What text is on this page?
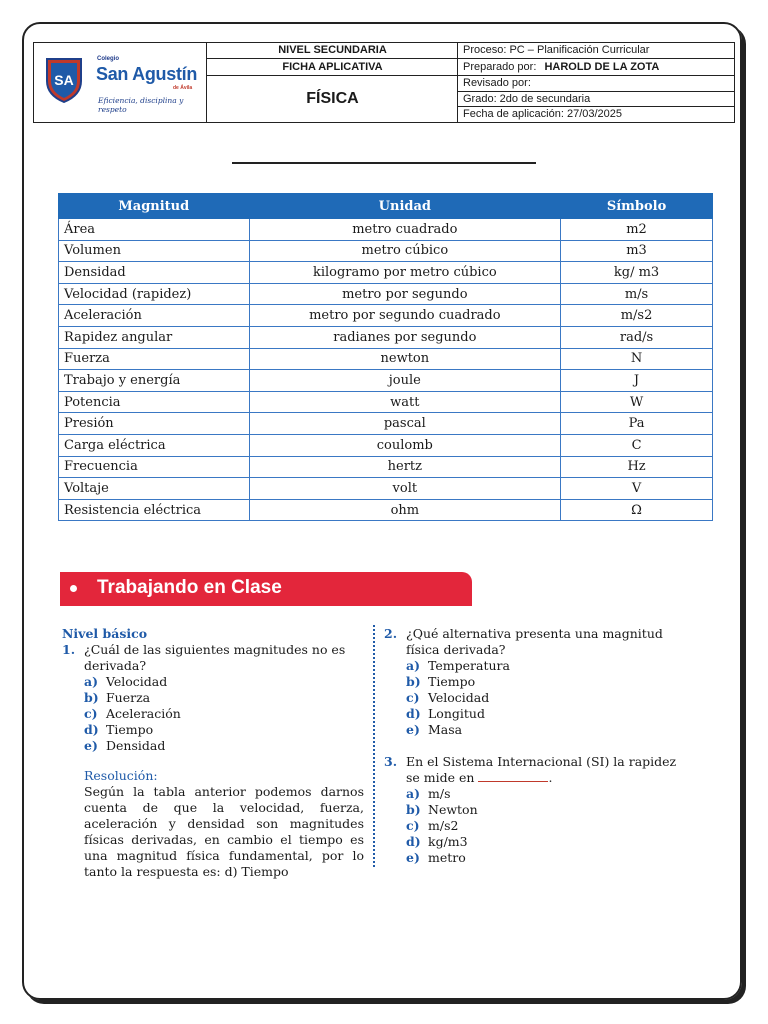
SA
Colegio
San Agustín
de Ávila
Eficiencia, disciplina y respeto
NIVEL SECUNDARIA
FICHA APLICATIVA
FÍSICA
Proceso: PC – Planificación Curricular
Preparado por: HAROLD DE LA ZOTA
Revisado por:
Grado: 2do de secundaria
Fecha de aplicación: 27/03/2025
Magnitud	Unidad	Símbolo
Área	metro cuadrado	m2
Volumen	metro cúbico	m3
Densidad	kilogramo por metro cúbico	kg/ m3
Velocidad (rapidez)	metro por segundo	m/s
Aceleración	metro por segundo cuadrado	m/s2
Rapidez angular	radianes por segundo	rad/s
Fuerza	newton	N
Trabajo y energía	joule	J
Potencia	watt	W
Presión	pascal	Pa
Carga eléctrica	coulomb	C
Frecuencia	hertz	Hz
Voltaje	volt	V
Resistencia eléctrica	ohm	Ω
Trabajando en Clase
Nivel básico
1. ¿Cuál de las siguientes magnitudes no es derivada?
a) Velocidad
b) Fuerza
c) Aceleración
d) Tiempo
e) Densidad
Resolución:
Según la tabla anterior podemos darnos cuenta de que la velocidad, fuerza, aceleración y densidad son magnitudes físicas derivadas, en cambio el tiempo es una magnitud física fundamental, por lo tanto la respuesta es: d) Tiempo
2. ¿Qué alternativa presenta una magnitud física derivada?
a) Temperatura
b) Tiempo
c) Velocidad
d) Longitud
e) Masa
3. En el Sistema Internacional (SI) la rapidez se mide en	.
a) m/s
b) Newton
c) m/s2
d) kg/m3
e) metro
